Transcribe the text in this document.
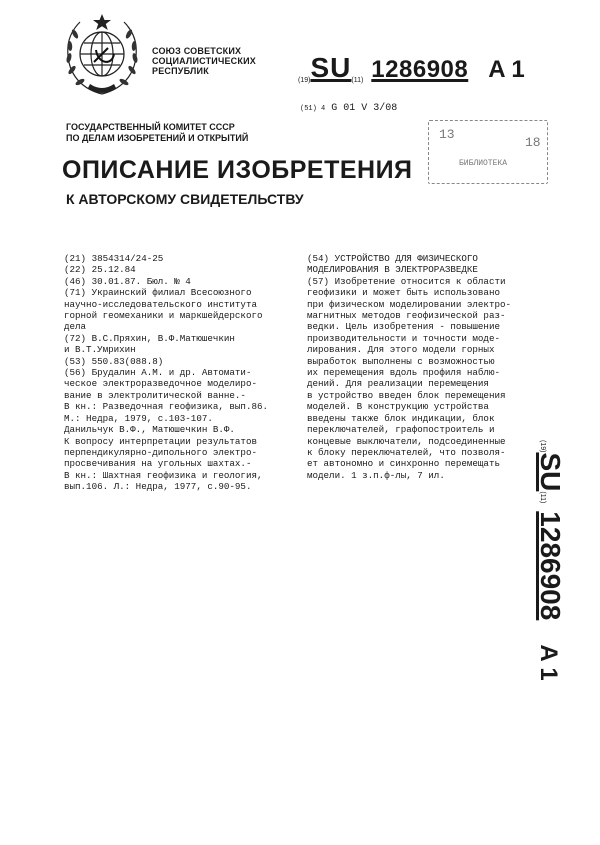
СОЮЗ СОВЕТСКИХ
СОЦИАЛИСТИЧЕСКИХ
РЕСПУБЛИК
(19)SU(11) 1286908 A 1
(51) 4 G 01 V 3/08
ГОСУДАРСТВЕННЫЙ КОМИТЕТ СССР
ПО ДЕЛАМ ИЗОБРЕТЕНИЙ И ОТКРЫТИЙ	13
18
БИБЛИОТЕКА
ОПИСАНИЕ ИЗОБРЕТЕНИЯ
К АВТОРСКОМУ СВИДЕТЕЛЬСТВУ
(21) 3854314/24-25
(22) 25.12.84
(46) 30.01.87. Бюл. № 4
(71) Украинский филиал Всесоюзного
научно-исследовательского института
горной геомеханики и маркшейдерского
дела
(72) В.С.Пряхин, В.Ф.Матюшечкин
и В.Т.Умрихин
(53) 550.83(088.8)
(56) Брудалин А.М. и др. Автомати-
ческое электроразведочное моделиро-
вание в электролитической ванне.-
В кн.: Разведочная геофизика, вып.86.
М.: Недра, 1979, с.103-107.
Данильчук В.Ф., Матюшечкин В.Ф.
К вопросу интерпретации результатов
перпендикулярно-дипольного электро-
просвечивания на угольных шахтах.-
В кн.: Шахтная геофизика и геология,
вып.106. Л.: Недра, 1977, с.90-95.
(54) УСТРОЙСТВО ДЛЯ ФИЗИЧЕСКОГО
МОДЕЛИРОВАНИЯ В ЭЛЕКТРОРАЗВЕДКЕ
(57) Изобретение относится к области
геофизики и может быть использовано
при физическом моделировании электро-
магнитных методов геофизической раз-
ведки. Цель изобретения - повышение
производительности и точности моде-
лирования. Для этого модели горных
выработок выполнены с возможностью
их перемещения вдоль профиля наблю-
дений. Для реализации перемещения
в устройство введен блок перемещения
моделей. В конструкцию устройства
введены также блок индикации, блок
переключателей, графопостроитель и
концевые выключатели, подсоединенные
к блоку переключателей, что позволя-
ет автономно и синхронно перемещать
модели. 1 з.п.ф-лы, 7 ил.
(19)SU(11)1286908A 1
